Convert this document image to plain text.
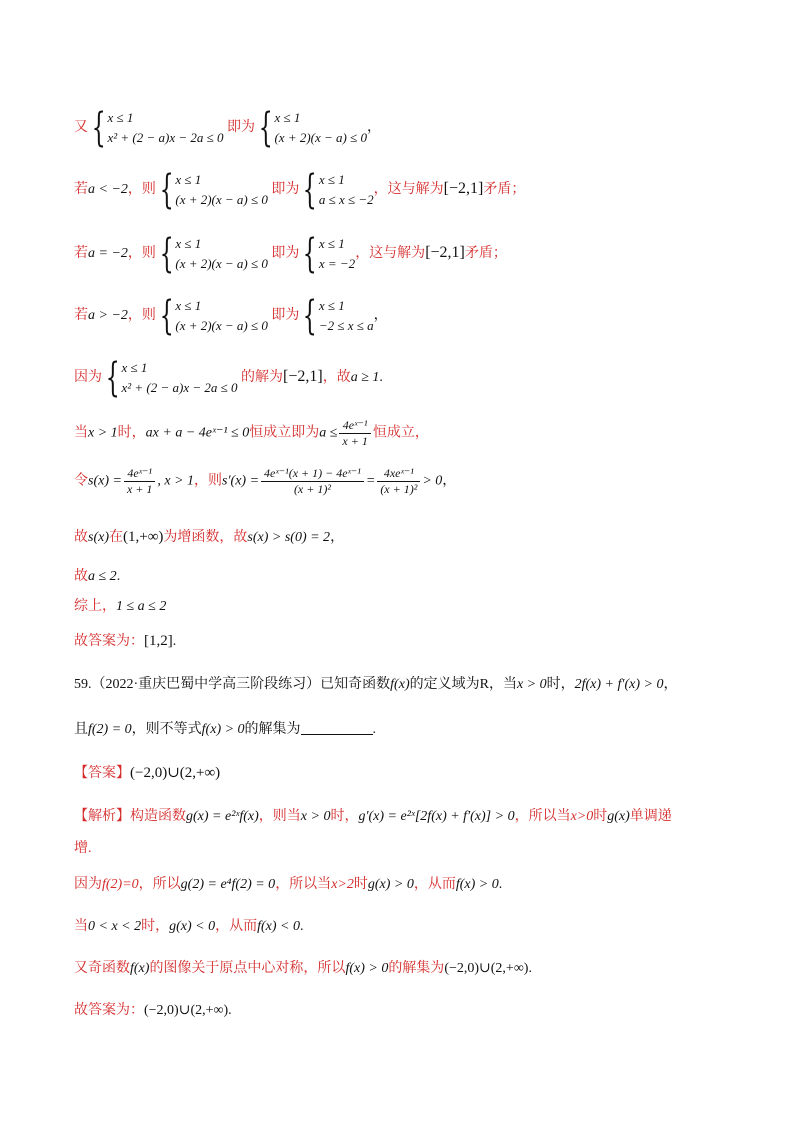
又{ x ≤ 1
x² + (2 − a)x − 2a ≤ 0
即为{ x ≤ 1
(x + 2)(x − a) ≤ 0
，
若a < −2，则{ x ≤ 1
(x + 2)(x − a) ≤ 0
即为{ x ≤ 1
a ≤ x ≤ −2
，这与解为[−2,1]矛盾；
若a = −2，则{ x ≤ 1
(x + 2)(x − a) ≤ 0
即为{ x ≤ 1
x = −2
，这与解为[−2,1]矛盾；
若a > −2，则{ x ≤ 1
(x + 2)(x − a) ≤ 0
即为{ x ≤ 1
−2 ≤ x ≤ a
，
因为{ x ≤ 1
x² + (2 − a)x − 2a ≤ 0
的解为[−2,1]，故a ≥ 1.
当x > 1时，ax + a − 4eˣ⁻¹ ≤ 0恒成立即为$a \le \frac{\text{4eˣ⁻¹}}{x + 1}$ 恒成立，
令$s(x) = \frac{\text{4eˣ⁻¹}}{x + 1}$ , x > 1，则$s'(x) = \frac{\text{4eˣ⁻¹(x + 1) − 4eˣ⁻¹}}{\text{(x + 1)²}} = \frac{\text{4xeˣ⁻¹}}{\text{(x + 1)²}} > 0$，
故s(x)在(1,+∞)为增函数，故s(x) > s(0) = 2，
故a ≤ 2.
综上，1 ≤ a ≤ 2
故答案为：[1,2].
59.（2022·重庆巴蜀中学高三阶段练习）已知奇函数f(x)的定义域为R，当x > 0时，2f(x) + f′(x) > 0，
且f(2) = 0，则不等式f(x) > 0的解集为	.
【答案】(−2,0)∪(2,+∞)
【解析】构造函数g(x) = e²ˣf(x)，则当x > 0时，g′(x) = e²ˣ[2f(x) + f′(x)] > 0，所以当x>0时g(x)单调递
增.
因为f(2)=0，所以g(2) = e⁴f(2) = 0，所以当x>2时g(x) > 0，从而f(x) > 0.
当0 < x < 2时，g(x) < 0，从而f(x) < 0.
又奇函数f(x)的图像关于原点中心对称，所以f(x) > 0的解集为(−2,0)∪(2,+∞).
故答案为：(−2,0)∪(2,+∞).
